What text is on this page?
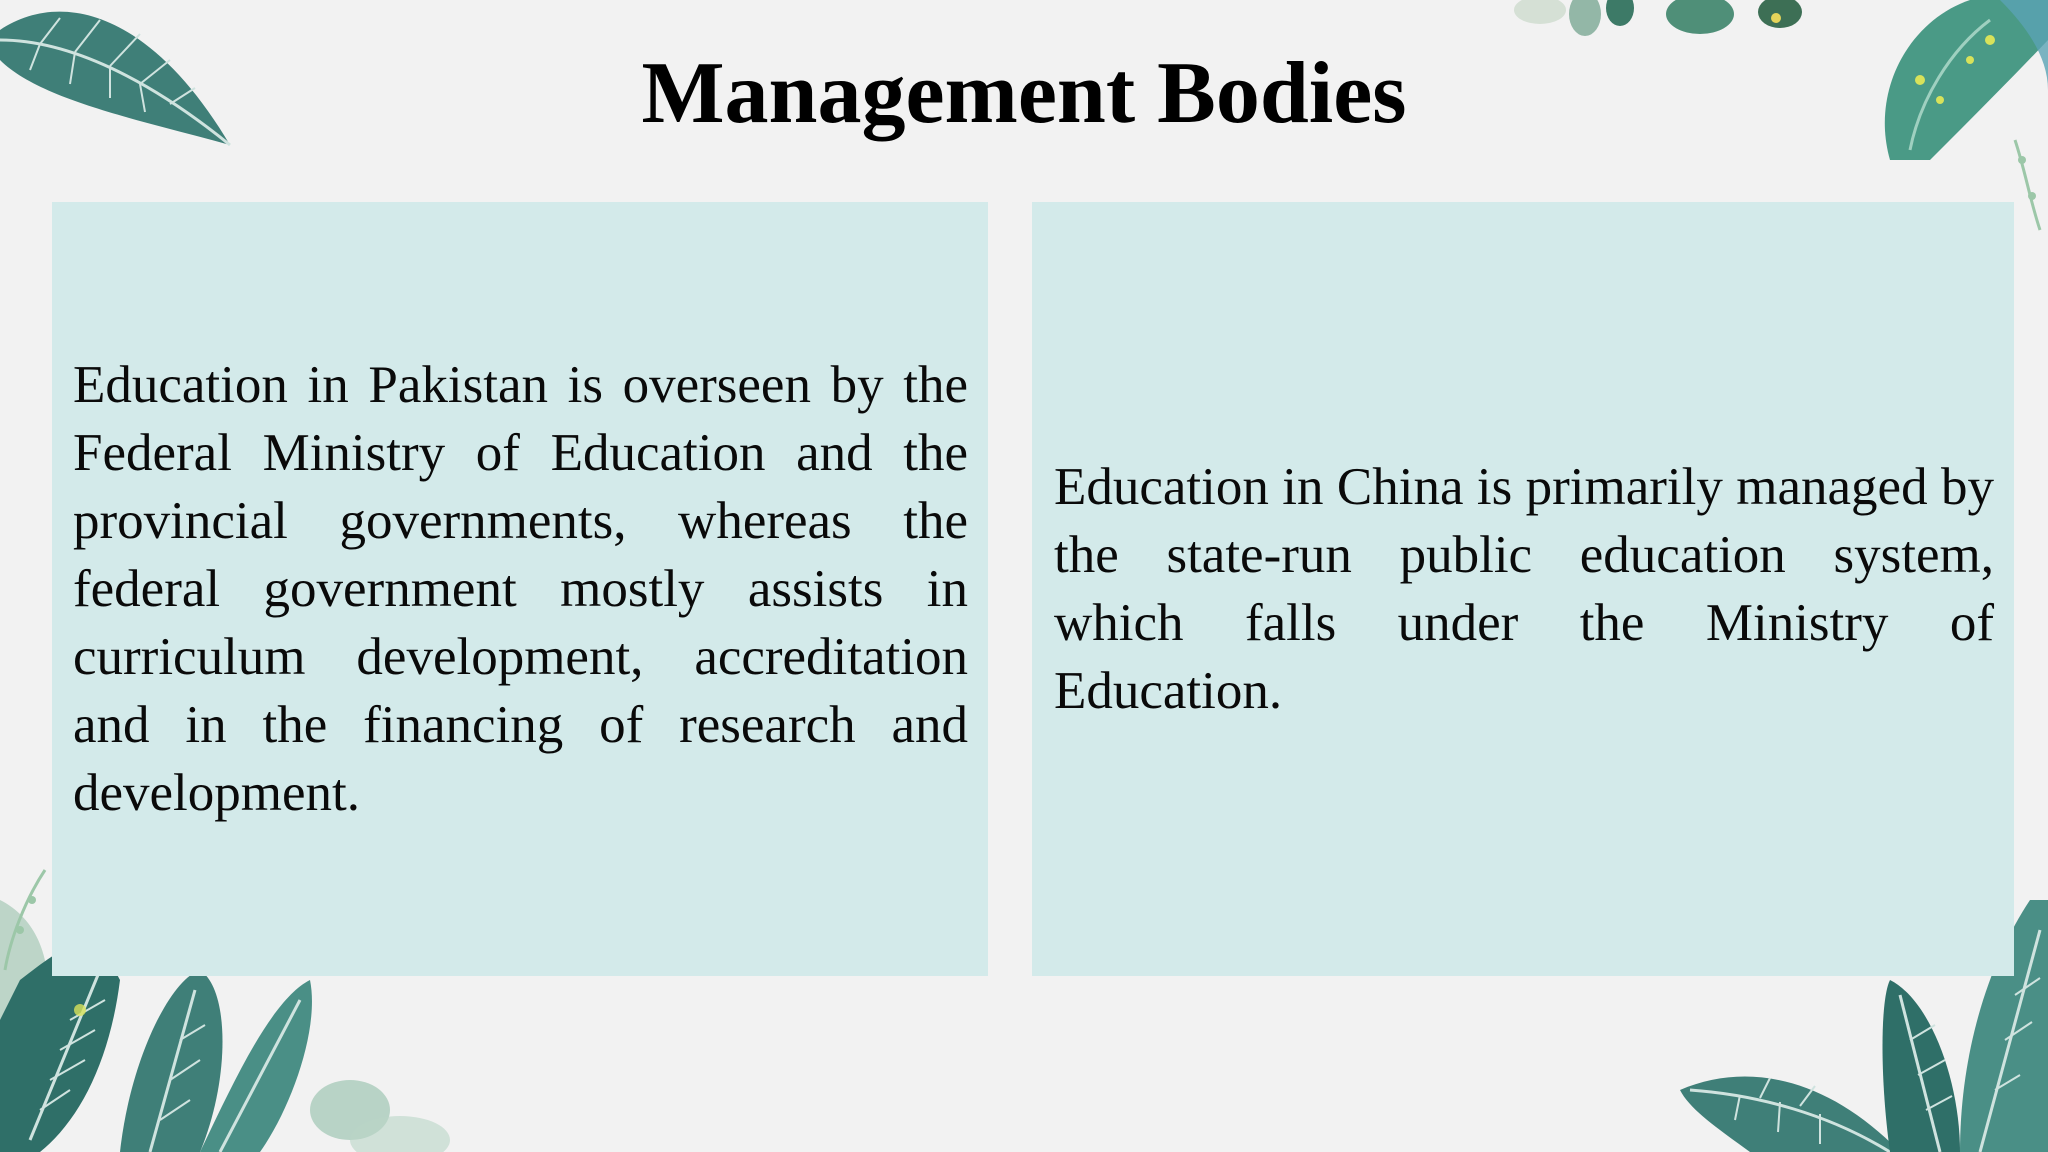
Management Bodies

Education in Pakistan is overseen by the Federal Ministry of Education and the provincial governments, whereas the federal government mostly assists in curriculum development, accreditation and in the financing of research and development.

Education in China is primarily managed by the state-run public education system, which falls under the Ministry of Education.
